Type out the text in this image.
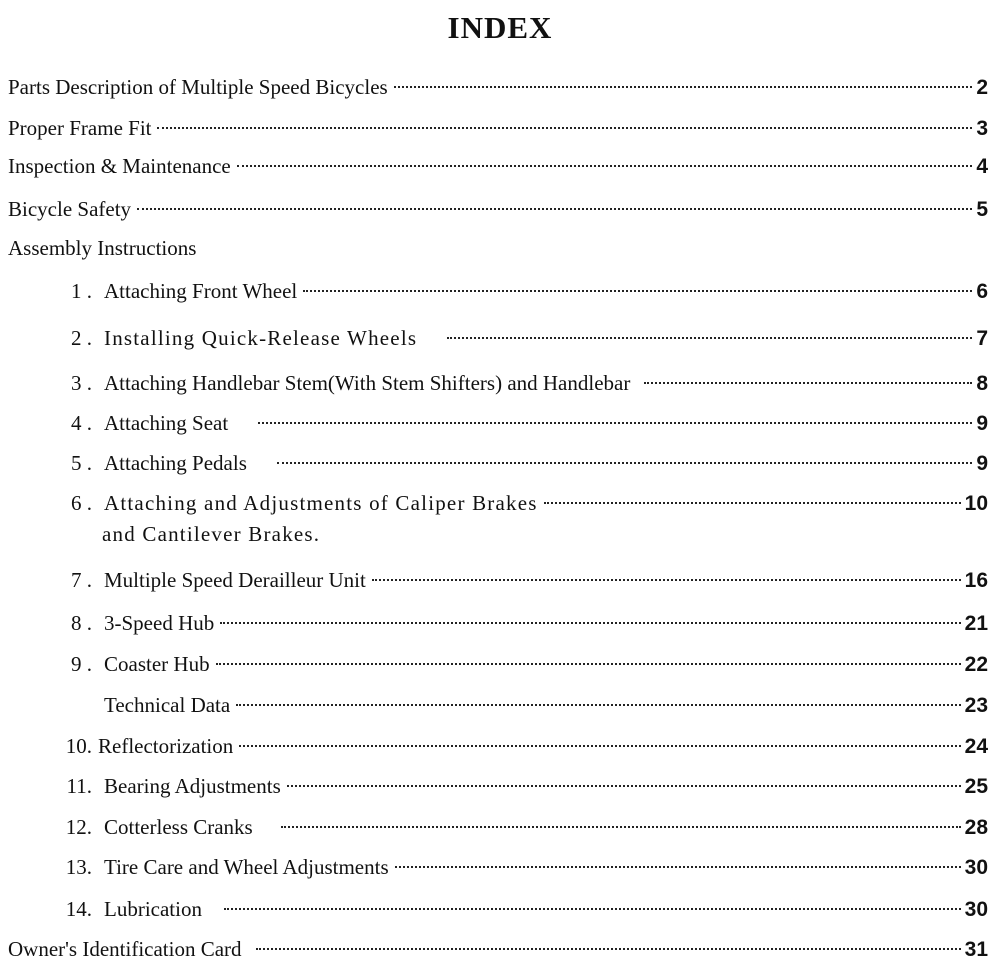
INDEX
Parts Description of Multiple Speed Bicycles	2
Proper Frame Fit	3
Inspection & Maintenance	4
Bicycle Safety	5
Assembly Instructions
1 . Attaching Front Wheel	6
2 . Installing Quick-Release Wheels	7
3 . Attaching Handlebar Stem(With Stem Shifters) and Handlebar	8
4 . Attaching Seat	9
5 . Attaching Pedals	9
6 . Attaching and Adjustments of Caliper Brakes	10
and Cantilever Brakes.
7 . Multiple Speed Derailleur Unit	16
8 . 3-Speed Hub	21
9 . Coaster Hub	22
Technical Data	23
10. Reflectorization	24
11. Bearing Adjustments	25
12. Cotterless Cranks	28
13. Tire Care and Wheel Adjustments	30
14. Lubrication	30
Owner's Identification Card	31
